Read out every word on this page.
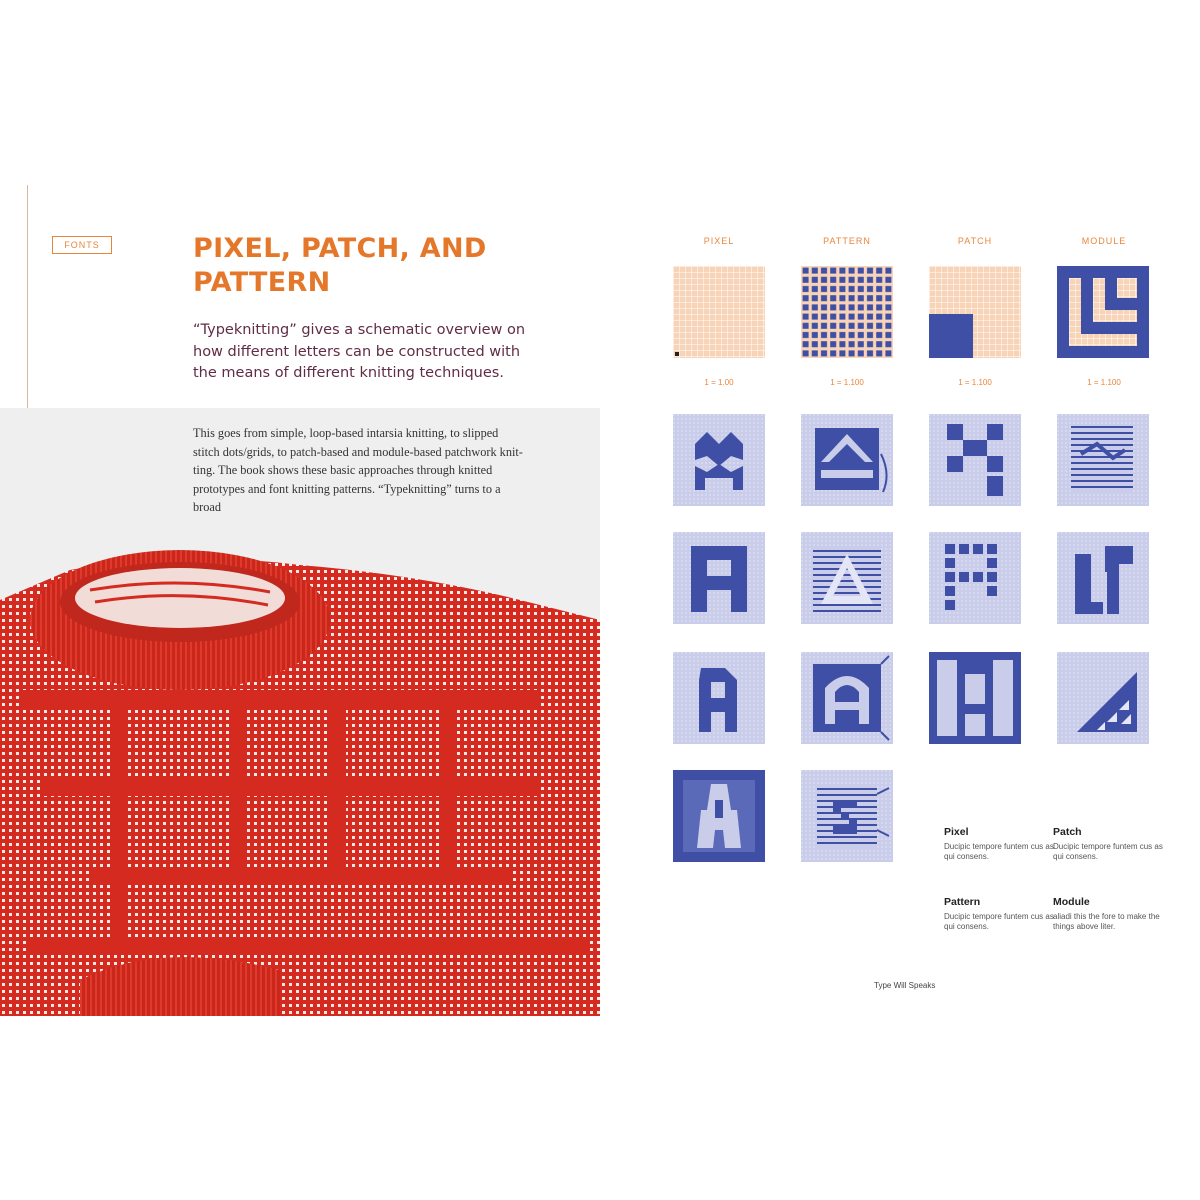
FONTS	PIXEL, PATCH, AND PATTERN

“Typeknitting” gives a schematic overview on how different letters can be constructed with the means of different knitting techniques.

This goes from simple, loop-based intarsia knitting, to slipped stitch dots/grids, to patch-based and module-based patchwork knit-ting. The book shows these basic approaches through knitted prototypes and font knitting patterns. “Typeknitting” turns to a broad

PIXEL	PATTERN	PATCH	MODULE
1 = 1.00	1 = 1.100	1 = 1.100	1 = 1.100
Pixel
Ducipic tempore funtem cus as qui consens.
Patch
Ducipic tempore funtem cus as qui consens.
Pattern
Ducipic tempore funtem cus as qui consens.
Module
aliadi this the fore to make the things above liter.
Type Will Speaks
